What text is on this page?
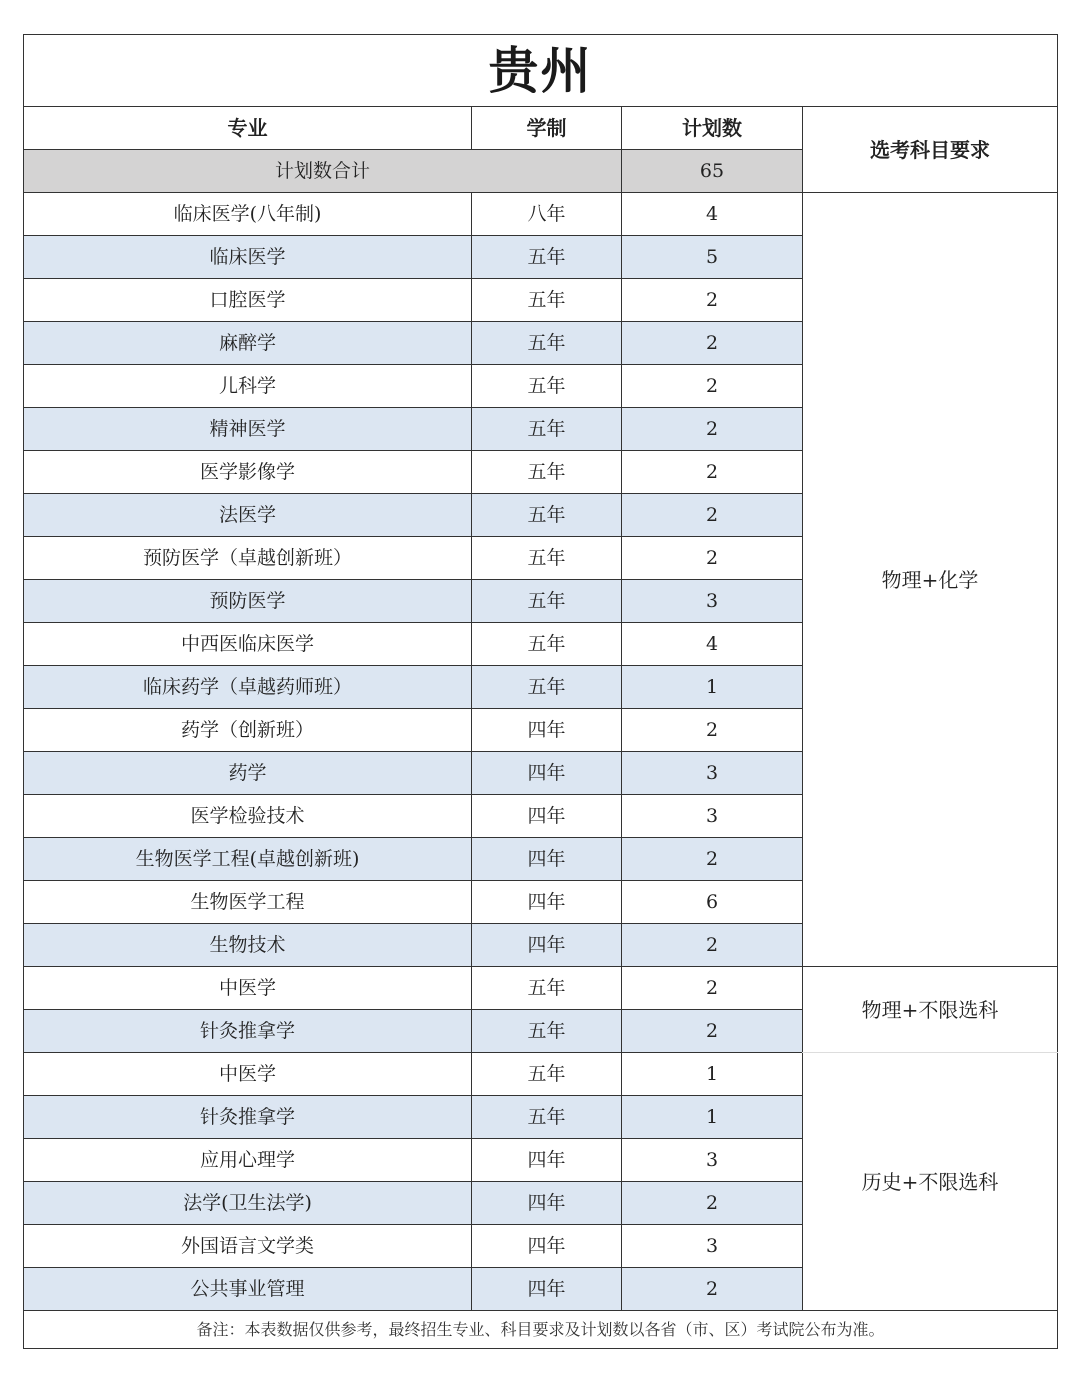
贵州			
专业	学制	计划数	选考科目要求
计划数合计		65	
临床医学(八年制)	八年	4	物理+化学
临床医学	五年	5	
口腔医学	五年	2	
麻醉学	五年	2	
儿科学	五年	2	
精神医学	五年	2	
医学影像学	五年	2	
法医学	五年	2	
预防医学（卓越创新班）	五年	2	
预防医学	五年	3	
中西医临床医学	五年	4	
临床药学（卓越药师班）	五年	1	
药学（创新班）	四年	2	
药学	四年	3	
医学检验技术	四年	3	
生物医学工程(卓越创新班)	四年	2	
生物医学工程	四年	6	
生物技术	四年	2	
中医学	五年	2	物理+不限选科
针灸推拿学	五年	2	
中医学	五年	1	历史+不限选科
针灸推拿学	五年	1	
应用心理学	四年	3	
法学(卫生法学)	四年	2	
外国语言文学类	四年	3	
公共事业管理	四年	2	
备注：本表数据仅供参考，最终招生专业、科目要求及计划数以各省（市、区）考试院公布为准。			
